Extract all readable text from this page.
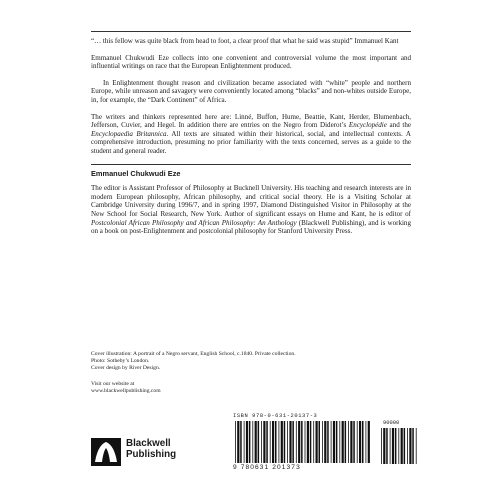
“… this fellow was quite black from head to foot, a clear proof that what he said was stupid” Immanuel Kant

Emmanuel Chukwudi Eze collects into one convenient and controversial volume the most important and influential writings on race that the European Enlightenment produced.

In Enlightenment thought reason and civilization became associated with “white” people and northern Europe, while unreason and savagery were conveniently located among “blacks” and non-whites outside Europe, in, for example, the “Dark Continent” of Africa.

The writers and thinkers represented here are: Linné, Buffon, Hume, Beattie, Kant, Herder, Blumenbach, Jefferson, Cuvier, and Hegel. In addition there are entries on the Negro from Diderot’s Encyclopédie and the Encyclopaedia Britannica. All texts are situated within their historical, social, and intellectual contexts. A comprehensive introduction, presuming no prior familiarity with the texts concerned, serves as a guide to the student and general reader.

Emmanuel Chukwudi Eze

The editor is Assistant Professor of Philosophy at Bucknell University. His teaching and research interests are in modern European philosophy, African philosophy, and critical social theory. He is a Visiting Scholar at Cambridge University during 1996/7, and in spring 1997, Diamond Distinguished Visitor in Philosophy at the New School for Social Research, New York. Author of significant essays on Hume and Kant, he is editor of Postcolonial African Philosophy and African Philosophy: An Anthology (Blackwell Publishing), and is working on a book on post-Enlightenment and postcolonial philosophy for Stanford University Press.

Cover illustration: A portrait of a Negro servant, English School, c.1840. Private collection.

Photo: Sotheby’s London.

Cover design by River Design.

Visit our website at

www.blackwellpublishing.com

Blackwell
Publishing
ISBN 978-0-631-20137-3
90000
9 780631 201373
